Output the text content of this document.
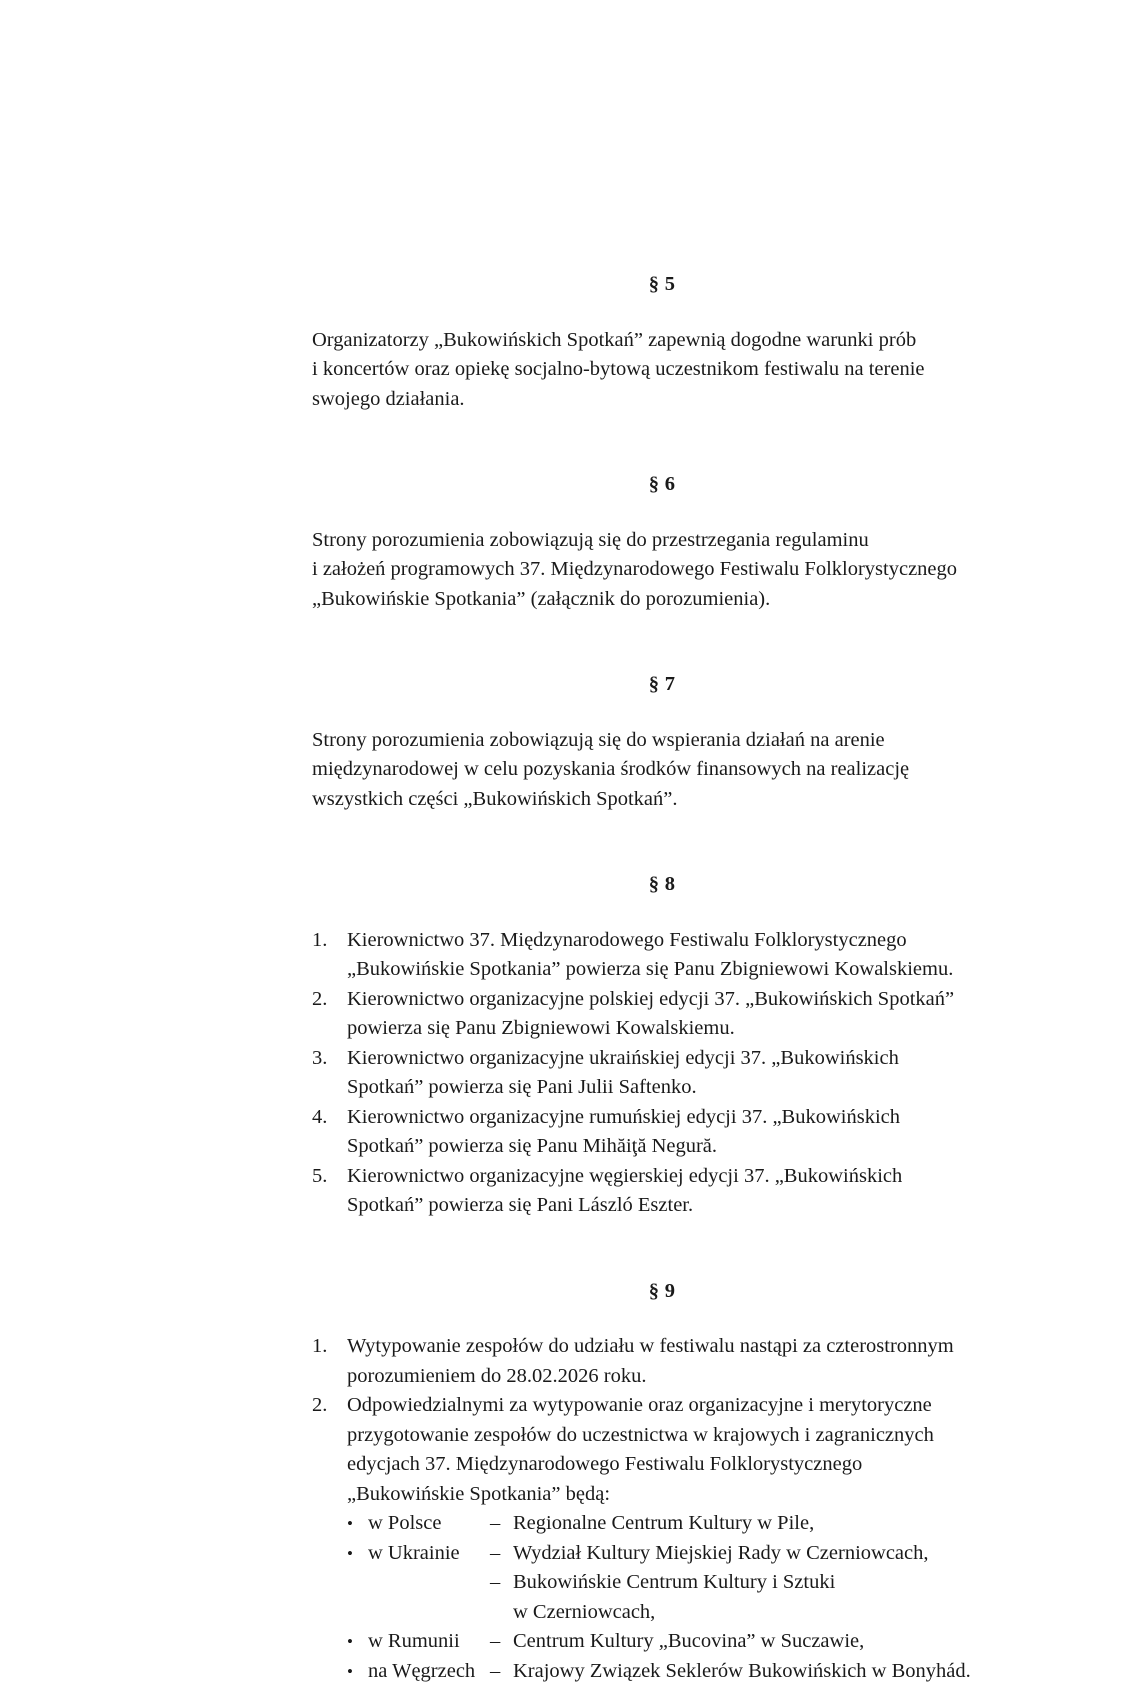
§ 5
Organizatorzy „Bukowińskich Spotkań” zapewnią dogodne warunki prób
i koncertów oraz opiekę socjalno-bytową uczestnikom festiwalu na terenie
swojego działania.
§ 6
Strony porozumienia zobowiązują się do przestrzegania regulaminu
i założeń programowych 37. Międzynarodowego Festiwalu Folklorystycznego
„Bukowińskie Spotkania” (załącznik do porozumienia).
§ 7
Strony porozumienia zobowiązują się do wspierania działań na arenie
międzynarodowej w celu pozyskania środków finansowych na realizację
wszystkich części „Bukowińskich Spotkań”.
§ 8
1. Kierownictwo 37. Międzynarodowego Festiwalu Folklorystycznego
„Bukowińskie Spotkania” powierza się Panu Zbigniewowi Kowalskiemu.
2. Kierownictwo organizacyjne polskiej edycji 37. „Bukowińskich Spotkań”
powierza się Panu Zbigniewowi Kowalskiemu.
3. Kierownictwo organizacyjne ukraińskiej edycji 37. „Bukowińskich
Spotkań” powierza się Pani Julii Saftenko.
4. Kierownictwo organizacyjne rumuńskiej edycji 37. „Bukowińskich
Spotkań” powierza się Panu Mihăiţă Negură.
5. Kierownictwo organizacyjne węgierskiej edycji 37. „Bukowińskich
Spotkań” powierza się Pani László Eszter.
§ 9
1. Wytypowanie zespołów do udziału w festiwalu nastąpi za czterostronnym
porozumieniem do 28.02.2026 roku.
2. Odpowiedzialnymi za wytypowanie oraz organizacyjne i merytoryczne
przygotowanie zespołów do uczestnictwa w krajowych i zagranicznych
edycjach 37. Międzynarodowego Festiwalu Folklorystycznego
„Bukowińskie Spotkania” będą:
• w Polsce	– Regionalne Centrum Kultury w Pile,
• w Ukrainie	– Wydział Kultury Miejskiej Rady w Czerniowcach,
– Bukowińskie Centrum Kultury i Sztuki
w Czerniowcach,
• w Rumunii	– Centrum Kultury „Bucovina” w Suczawie,
• na Węgrzech – Krajowy Związek Seklerów Bukowińskich w Bonyhád.
